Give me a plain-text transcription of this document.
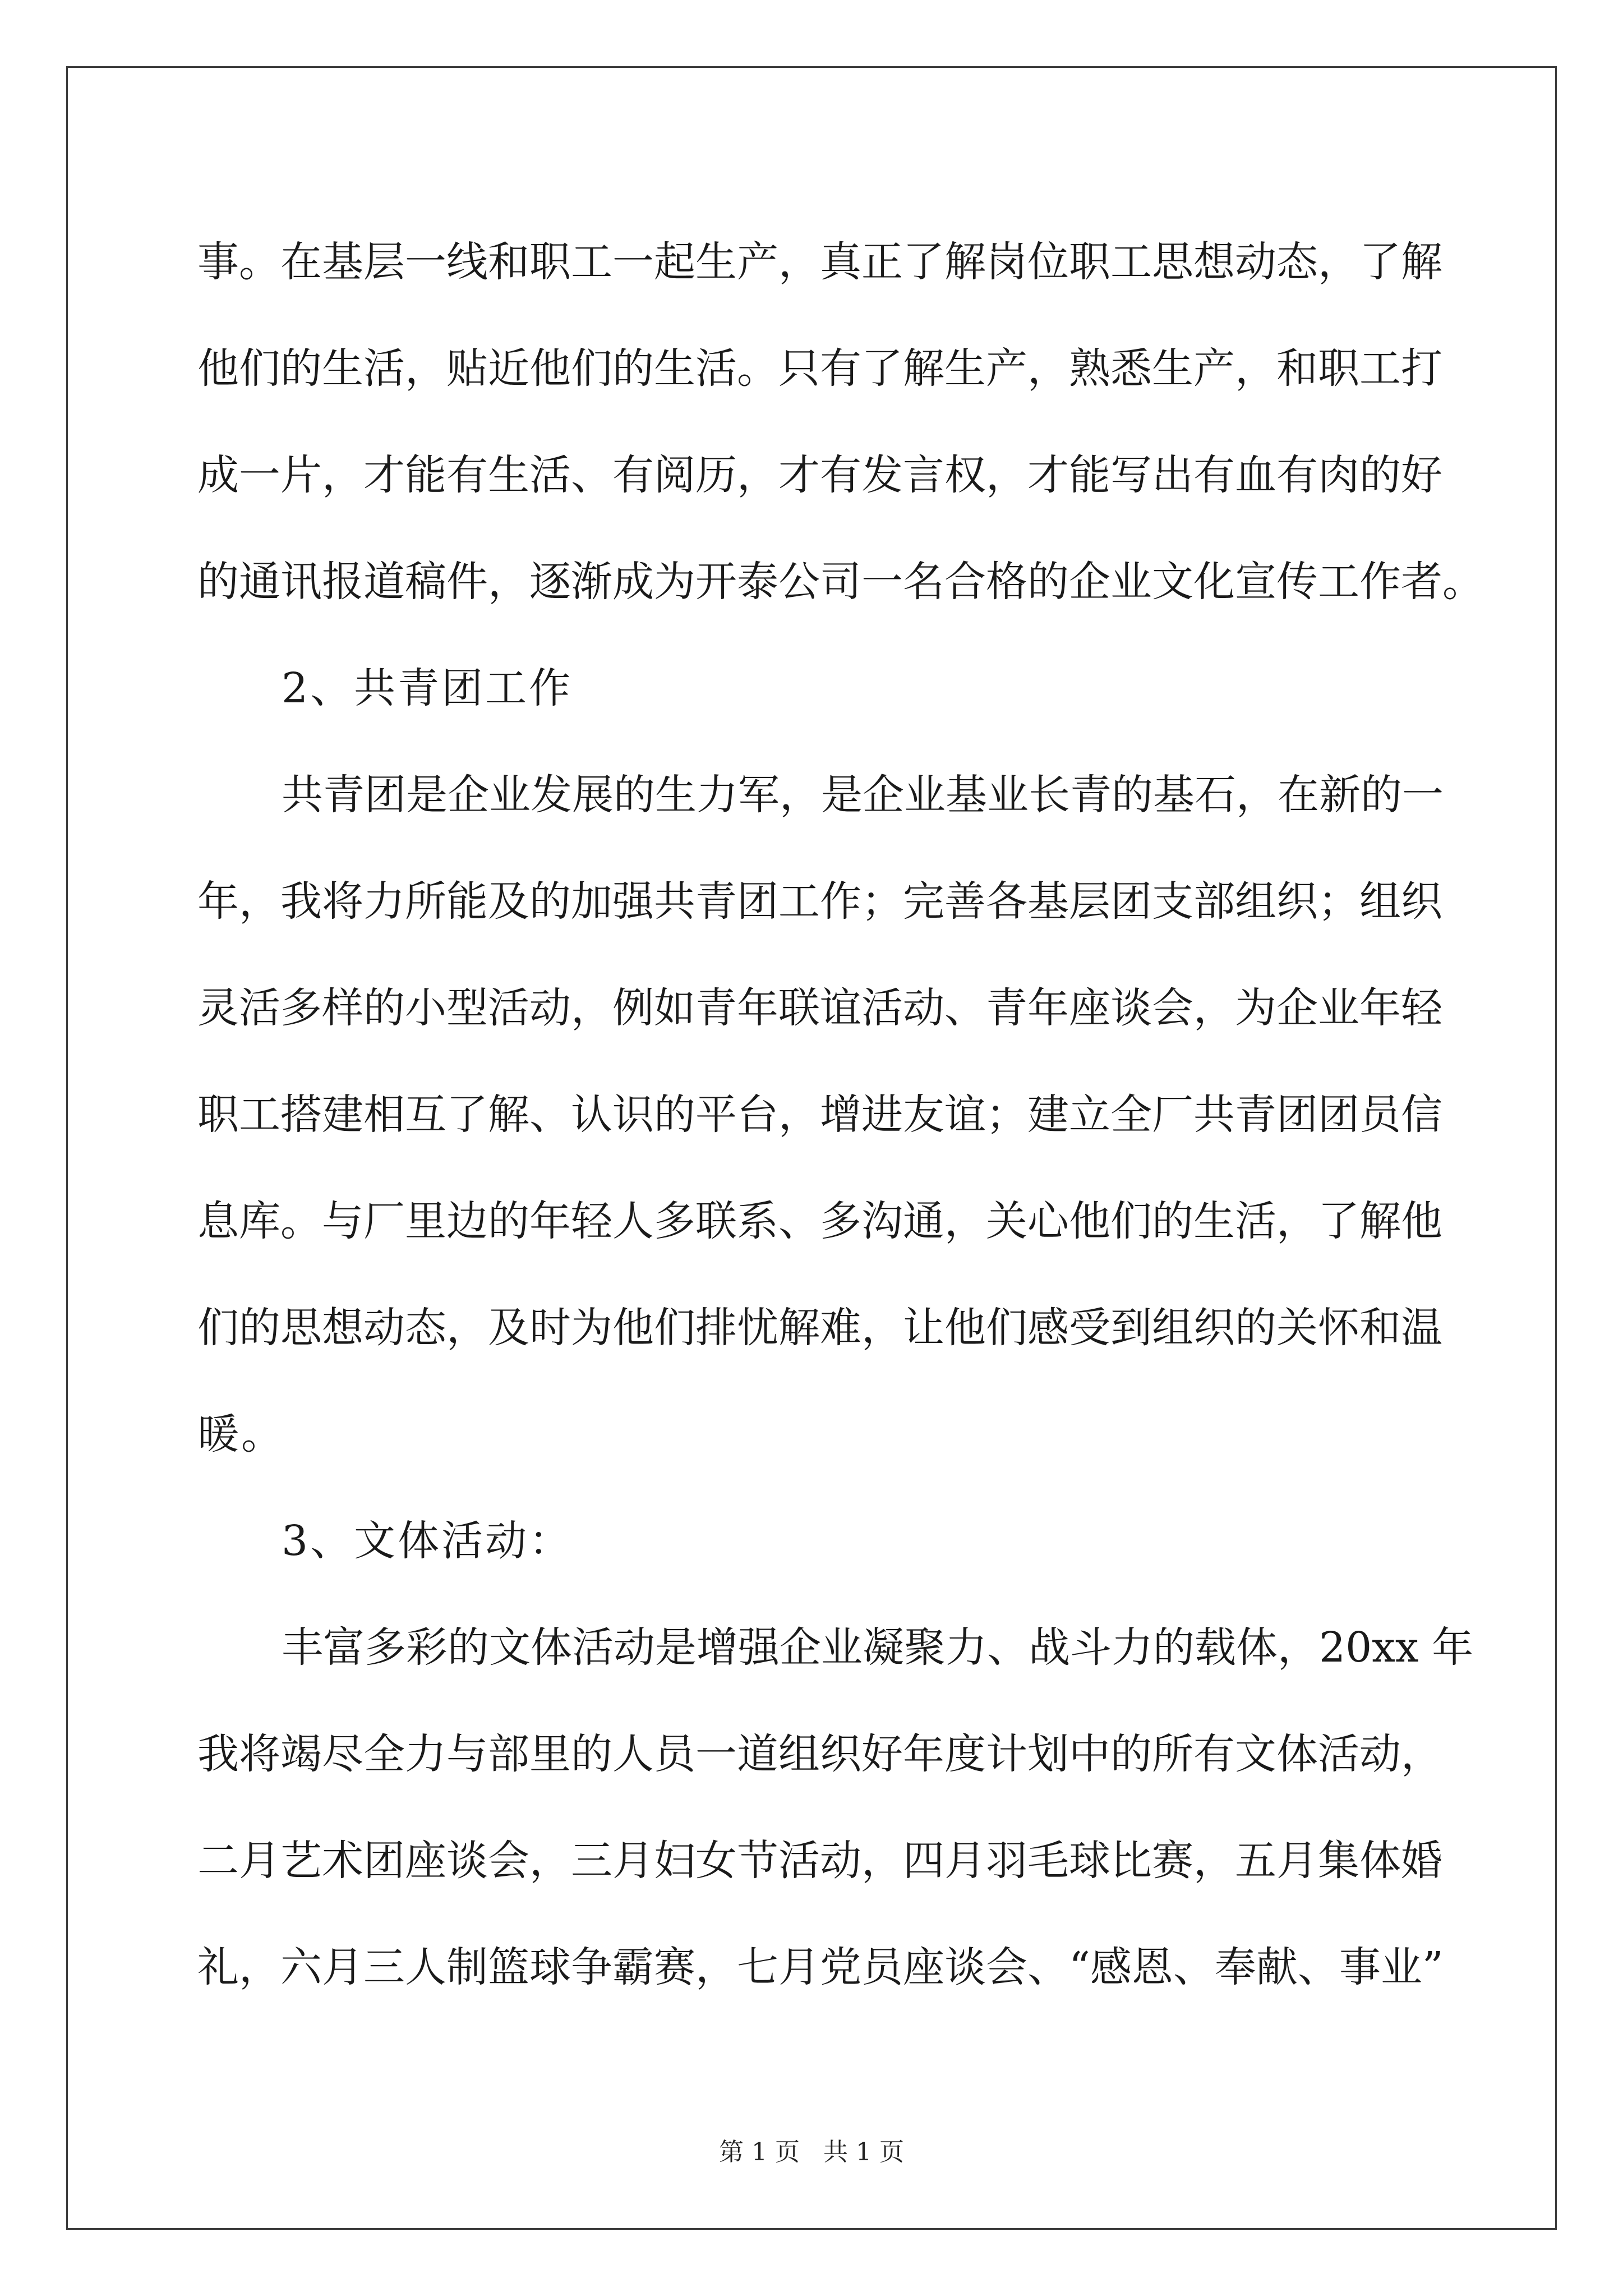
事。在基层一线和职工一起生产，真正了解岗位职工思想动态，了解
他们的生活，贴近他们的生活。只有了解生产，熟悉生产，和职工打
成一片，才能有生活、有阅历，才有发言权，才能写出有血有肉的好
的通讯报道稿件，逐渐成为开泰公司一名合格的企业文化宣传工作者。
2、共青团工作
共青团是企业发展的生力军，是企业基业长青的基石，在新的一
年，我将力所能及的加强共青团工作；完善各基层团支部组织；组织
灵活多样的小型活动，例如青年联谊活动、青年座谈会，为企业年轻
职工搭建相互了解、认识的平台，增进友谊；建立全厂共青团团员信
息库。与厂里边的年轻人多联系、多沟通，关心他们的生活，了解他
们的思想动态，及时为他们排忧解难，让他们感受到组织的关怀和温
暖。
3、文体活动：
丰富多彩的文体活动是增强企业凝聚力、战斗力的载体，20xx 年
我将竭尽全力与部里的人员一道组织好年度计划中的所有文体活动，
二月艺术团座谈会，三月妇女节活动，四月羽毛球比赛，五月集体婚
礼，六月三人制篮球争霸赛，七月党员座谈会、“感恩、奉献、事业”
第 1 页   共 1 页
